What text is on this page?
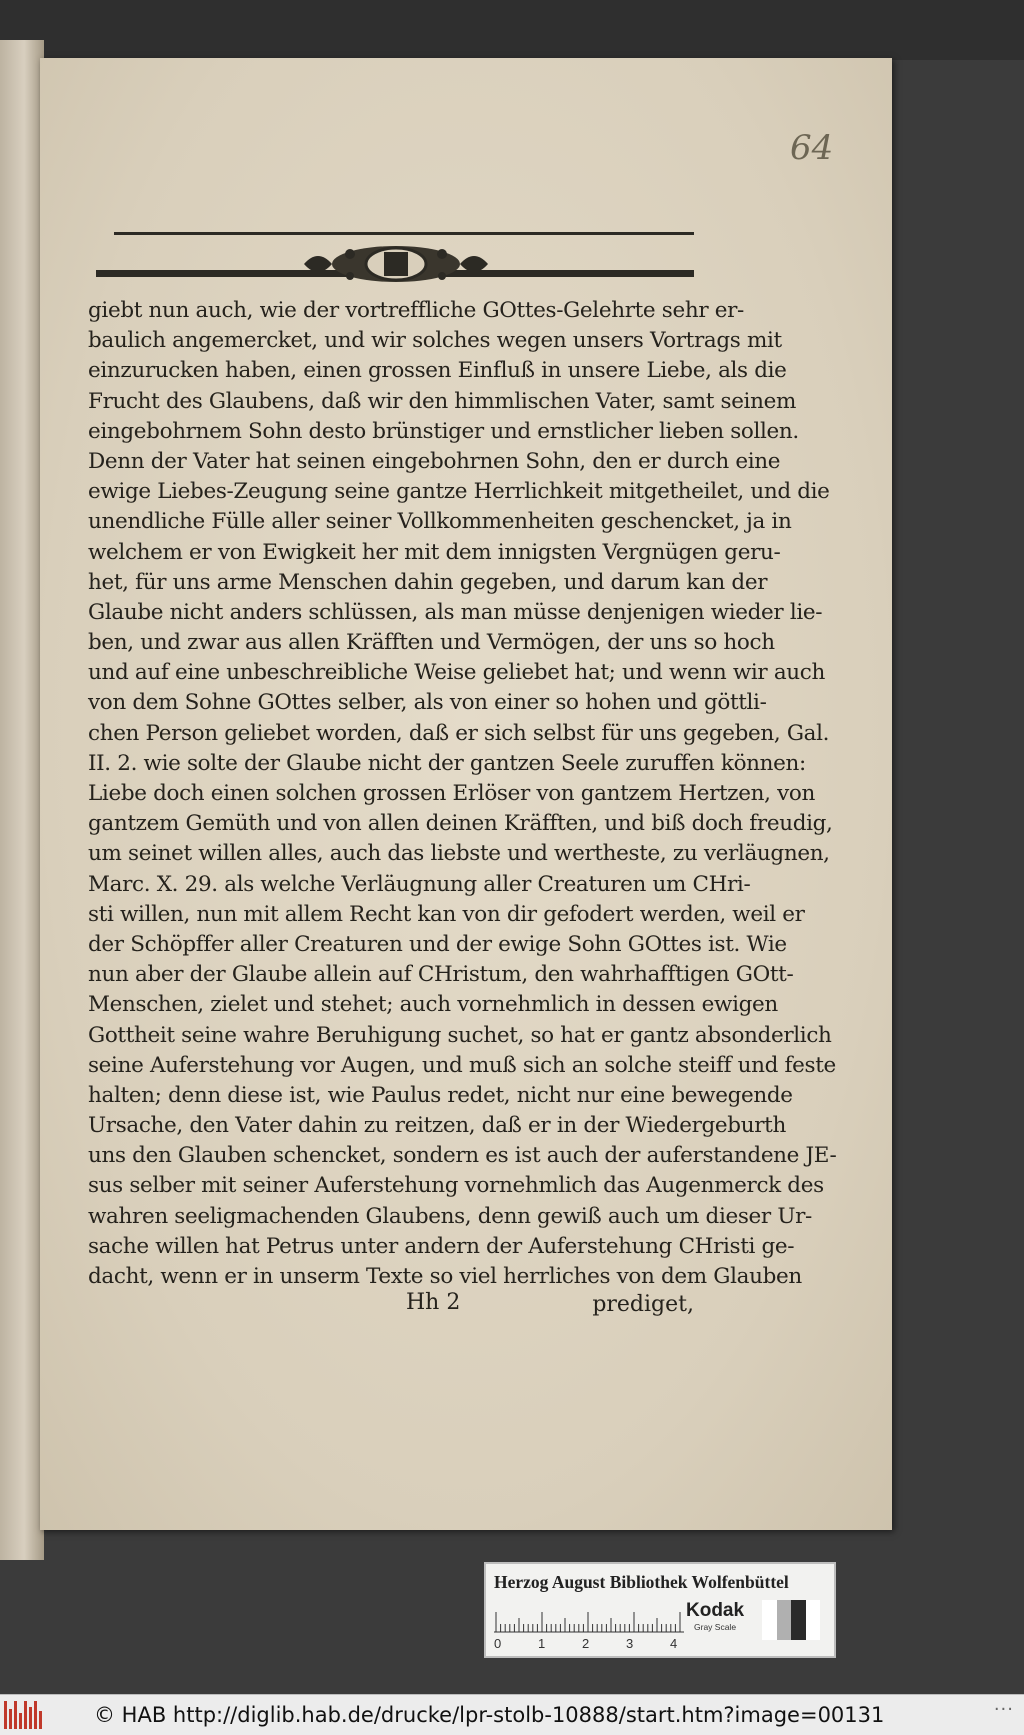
64
giebt nun auch, wie der vortreffliche GOttes-Gelehrte sehr er-
baulich angemercket, und wir solches wegen unsers Vortrags mit
einzurucken haben, einen grossen Einfluß in unsere Liebe, als die
Frucht des Glaubens, daß wir den himmlischen Vater, samt seinem
eingebohrnem Sohn desto brünstiger und ernstlicher lieben sollen.
Denn der Vater hat seinen eingebohrnen Sohn, den er durch eine
ewige Liebes-Zeugung seine gantze Herrlichkeit mitgetheilet, und die
unendliche Fülle aller seiner Vollkommenheiten geschencket, ja in
welchem er von Ewigkeit her mit dem innigsten Vergnügen geru-
het, für uns arme Menschen dahin gegeben, und darum kan der
Glaube nicht anders schlüssen, als man müsse denjenigen wieder lie-
ben, und zwar aus allen Kräfften und Vermögen, der uns so hoch
und auf eine unbeschreibliche Weise geliebet hat; und wenn wir auch
von dem Sohne GOttes selber, als von einer so hohen und göttli-
chen Person geliebet worden, daß er sich selbst für uns gegeben, Gal.
II. 2. wie solte der Glaube nicht der gantzen Seele zuruffen können:
Liebe doch einen solchen grossen Erlöser von gantzem Hertzen, von
gantzem Gemüth und von allen deinen Kräfften, und biß doch freudig,
um seinet willen alles, auch das liebste und wertheste, zu verläugnen,
Marc. X. 29. als welche Verläugnung aller Creaturen um CHri-
sti willen, nun mit allem Recht kan von dir gefodert werden, weil er
der Schöpffer aller Creaturen und der ewige Sohn GOttes ist. Wie
nun aber der Glaube allein auf CHristum, den wahrhafftigen GOtt-
Menschen, zielet und stehet; auch vornehmlich in dessen ewigen
Gottheit seine wahre Beruhigung suchet, so hat er gantz absonderlich
seine Auferstehung vor Augen, und muß sich an solche steiff und feste
halten; denn diese ist, wie Paulus redet, nicht nur eine bewegende
Ursache, den Vater dahin zu reitzen, daß er in der Wiedergeburth
uns den Glauben schencket, sondern es ist auch der auferstandene JE-
sus selber mit seiner Auferstehung vornehmlich das Augenmerck des
wahren seeligmachenden Glaubens, denn gewiß auch um dieser Ur-
sache willen hat Petrus unter andern der Auferstehung CHristi ge-
dacht, wenn er in unserm Texte so viel herrliches von dem Glauben
Hh 2	prediget,
Herzog August Bibliothek Wolfenbüttel
0	1	2	3	4
Kodak
Gray Scale
© HAB http://diglib.hab.de/drucke/lpr-stolb-10888/start.htm?image=00131	···
